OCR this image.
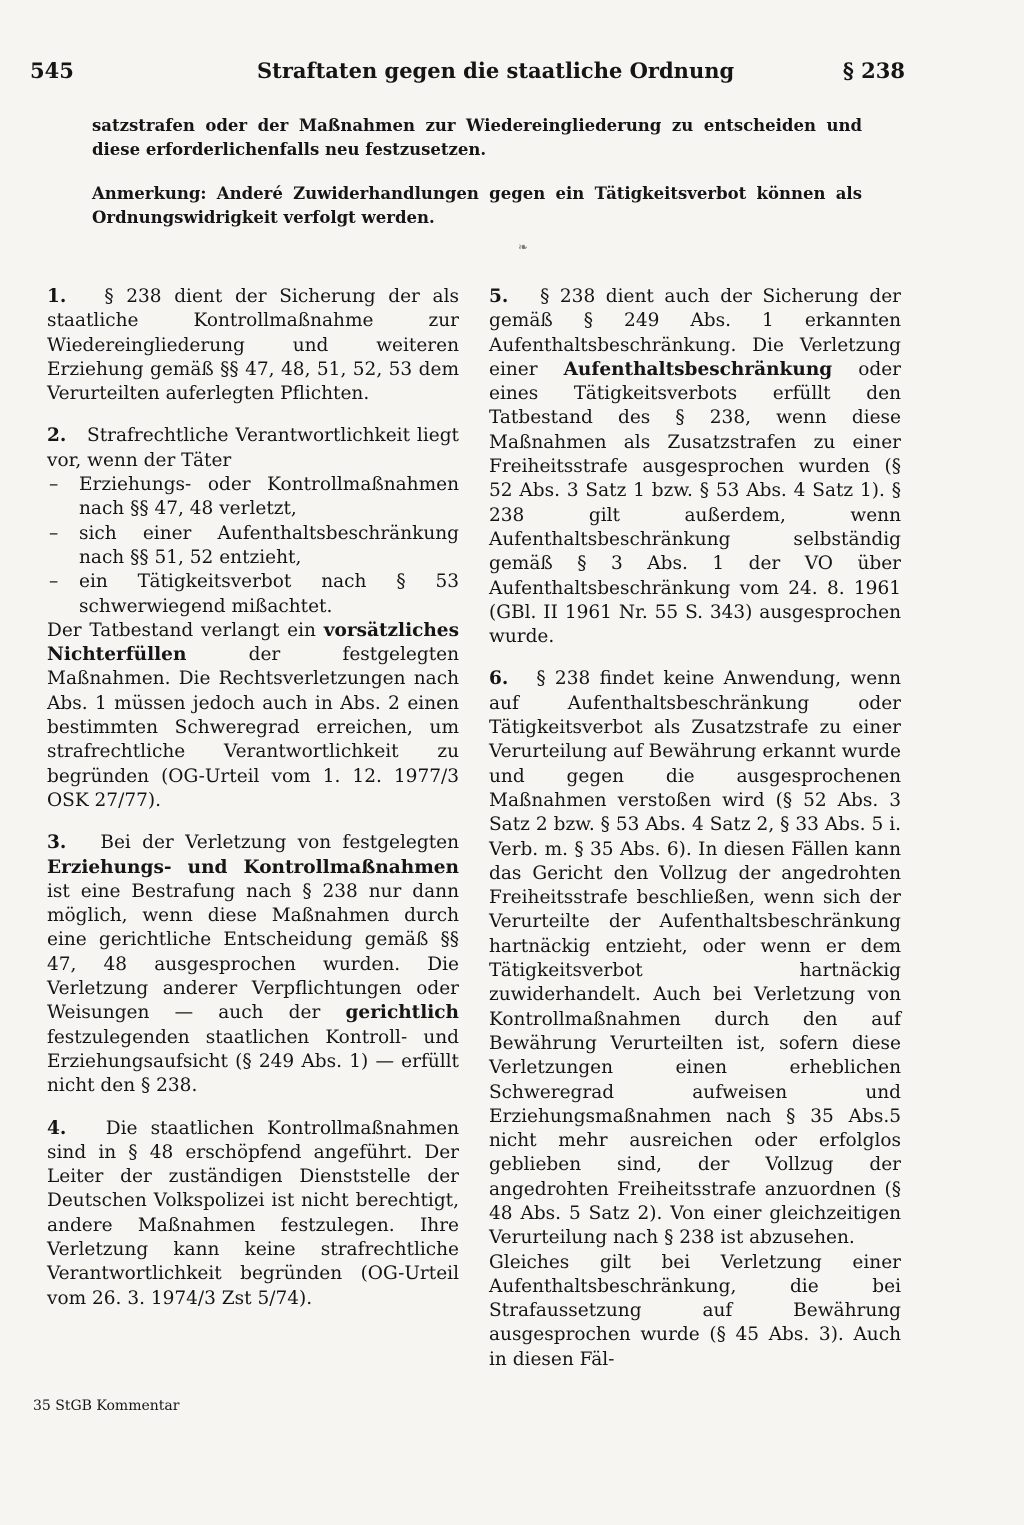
545	Straftaten gegen die staatliche Ordnung	§ 238

satzstrafen oder der Maßnahmen zur Wiedereingliederung zu entscheiden und diese erforderlichenfalls neu festzusetzen.

Anmerkung: Anderé Zuwiderhandlungen gegen ein Tätigkeitsverbot können als Ordnungswidrigkeit verfolgt werden.

❧

1. § 238 dient der Sicherung der als staatliche Kontrollmaßnahme zur Wiedereingliederung und weiteren Erziehung gemäß §§ 47, 48, 51, 52, 53 dem Verurteilten auferlegten Pflichten.

2. Strafrechtliche Verantwortlichkeit liegt vor, wenn der Täter

– Erziehungs- oder Kontrollmaßnahmen nach §§ 47, 48 verletzt,
– sich einer Aufenthaltsbeschränkung nach §§ 51, 52 entzieht,
– ein Tätigkeitsverbot nach § 53 schwerwiegend mißachtet.

Der Tatbestand verlangt ein vorsätzliches Nichterfüllen	der festgelegten Maßnahmen. Die Rechtsverletzungen nach Abs. 1 müssen jedoch auch in Abs. 2 einen bestimmten Schweregrad erreichen, um strafrechtliche Verantwortlichkeit zu begründen (OG-Urteil vom 1. 12. 1977/3 OSK 27/77).

3. Bei der Verletzung von festgelegten Erziehungs- und Kontrollmaßnahmen ist eine Bestrafung nach § 238 nur dann möglich, wenn diese Maßnahmen durch eine gerichtliche Entscheidung gemäß §§ 47, 48 ausgesprochen wurden. Die Verletzung anderer Verpflichtungen oder Weisungen — auch der gerichtlich festzulegenden staatlichen Kontroll- und Erziehungsaufsicht (§ 249 Abs. 1) — erfüllt nicht den § 238.

4. Die staatlichen Kontrollmaßnahmen sind in § 48 erschöpfend angeführt. Der Leiter der zuständigen Dienststelle der Deutschen Volkspolizei ist nicht berechtigt, andere Maßnahmen festzulegen. Ihre Verletzung kann keine strafrechtliche Verantwortlichkeit begründen (OG-Urteil vom 26. 3. 1974/3 Zst 5/74).

5. § 238 dient auch der Sicherung der gemäß § 249 Abs. 1 erkannten Aufenthaltsbeschränkung. Die Verletzung einer Aufenthaltsbeschränkung oder eines Tätigkeitsverbots erfüllt den Tatbestand des § 238, wenn diese Maßnahmen als Zusatzstrafen zu einer Freiheitsstrafe ausgesprochen wurden (§ 52 Abs. 3 Satz 1 bzw. § 53 Abs. 4 Satz 1). § 238 gilt außerdem, wenn Aufenthaltsbeschränkung selbständig gemäß § 3 Abs. 1 der VO über Aufenthaltsbeschränkung vom 24. 8. 1961 (GBl. II 1961 Nr. 55 S. 343) ausgesprochen wurde.

6. § 238 findet keine Anwendung, wenn auf Aufenthaltsbeschränkung oder Tätigkeitsverbot als Zusatzstrafe zu einer Verurteilung auf Bewährung erkannt wurde und gegen die ausgesprochenen Maßnahmen verstoßen wird (§ 52 Abs. 3 Satz 2 bzw. § 53 Abs. 4 Satz 2, § 33 Abs. 5 i. Verb. m. § 35 Abs. 6). In diesen Fällen kann das Gericht den Vollzug der angedrohten Freiheitsstrafe beschließen, wenn sich der Verurteilte der Aufenthaltsbeschränkung hartnäckig entzieht, oder wenn er dem Tätigkeitsverbot hartnäckig zuwiderhandelt. Auch bei Verletzung von Kontrollmaßnahmen durch den auf Bewährung Verurteilten ist, sofern diese Verletzungen einen erheblichen Schweregrad aufweisen und Erziehungsmaßnahmen nach § 35 Abs.5 nicht mehr ausreichen oder erfolglos geblieben sind, der Vollzug der angedrohten Freiheitsstrafe anzuordnen (§ 48 Abs. 5 Satz 2). Von einer gleichzeitigen Verurteilung nach § 238 ist abzusehen.

Gleiches gilt bei Verletzung einer Aufenthaltsbeschränkung, die bei Strafaussetzung auf Bewährung ausgesprochen wurde (§ 45 Abs. 3). Auch in diesen Fäl-

35 StGB Kommentar
